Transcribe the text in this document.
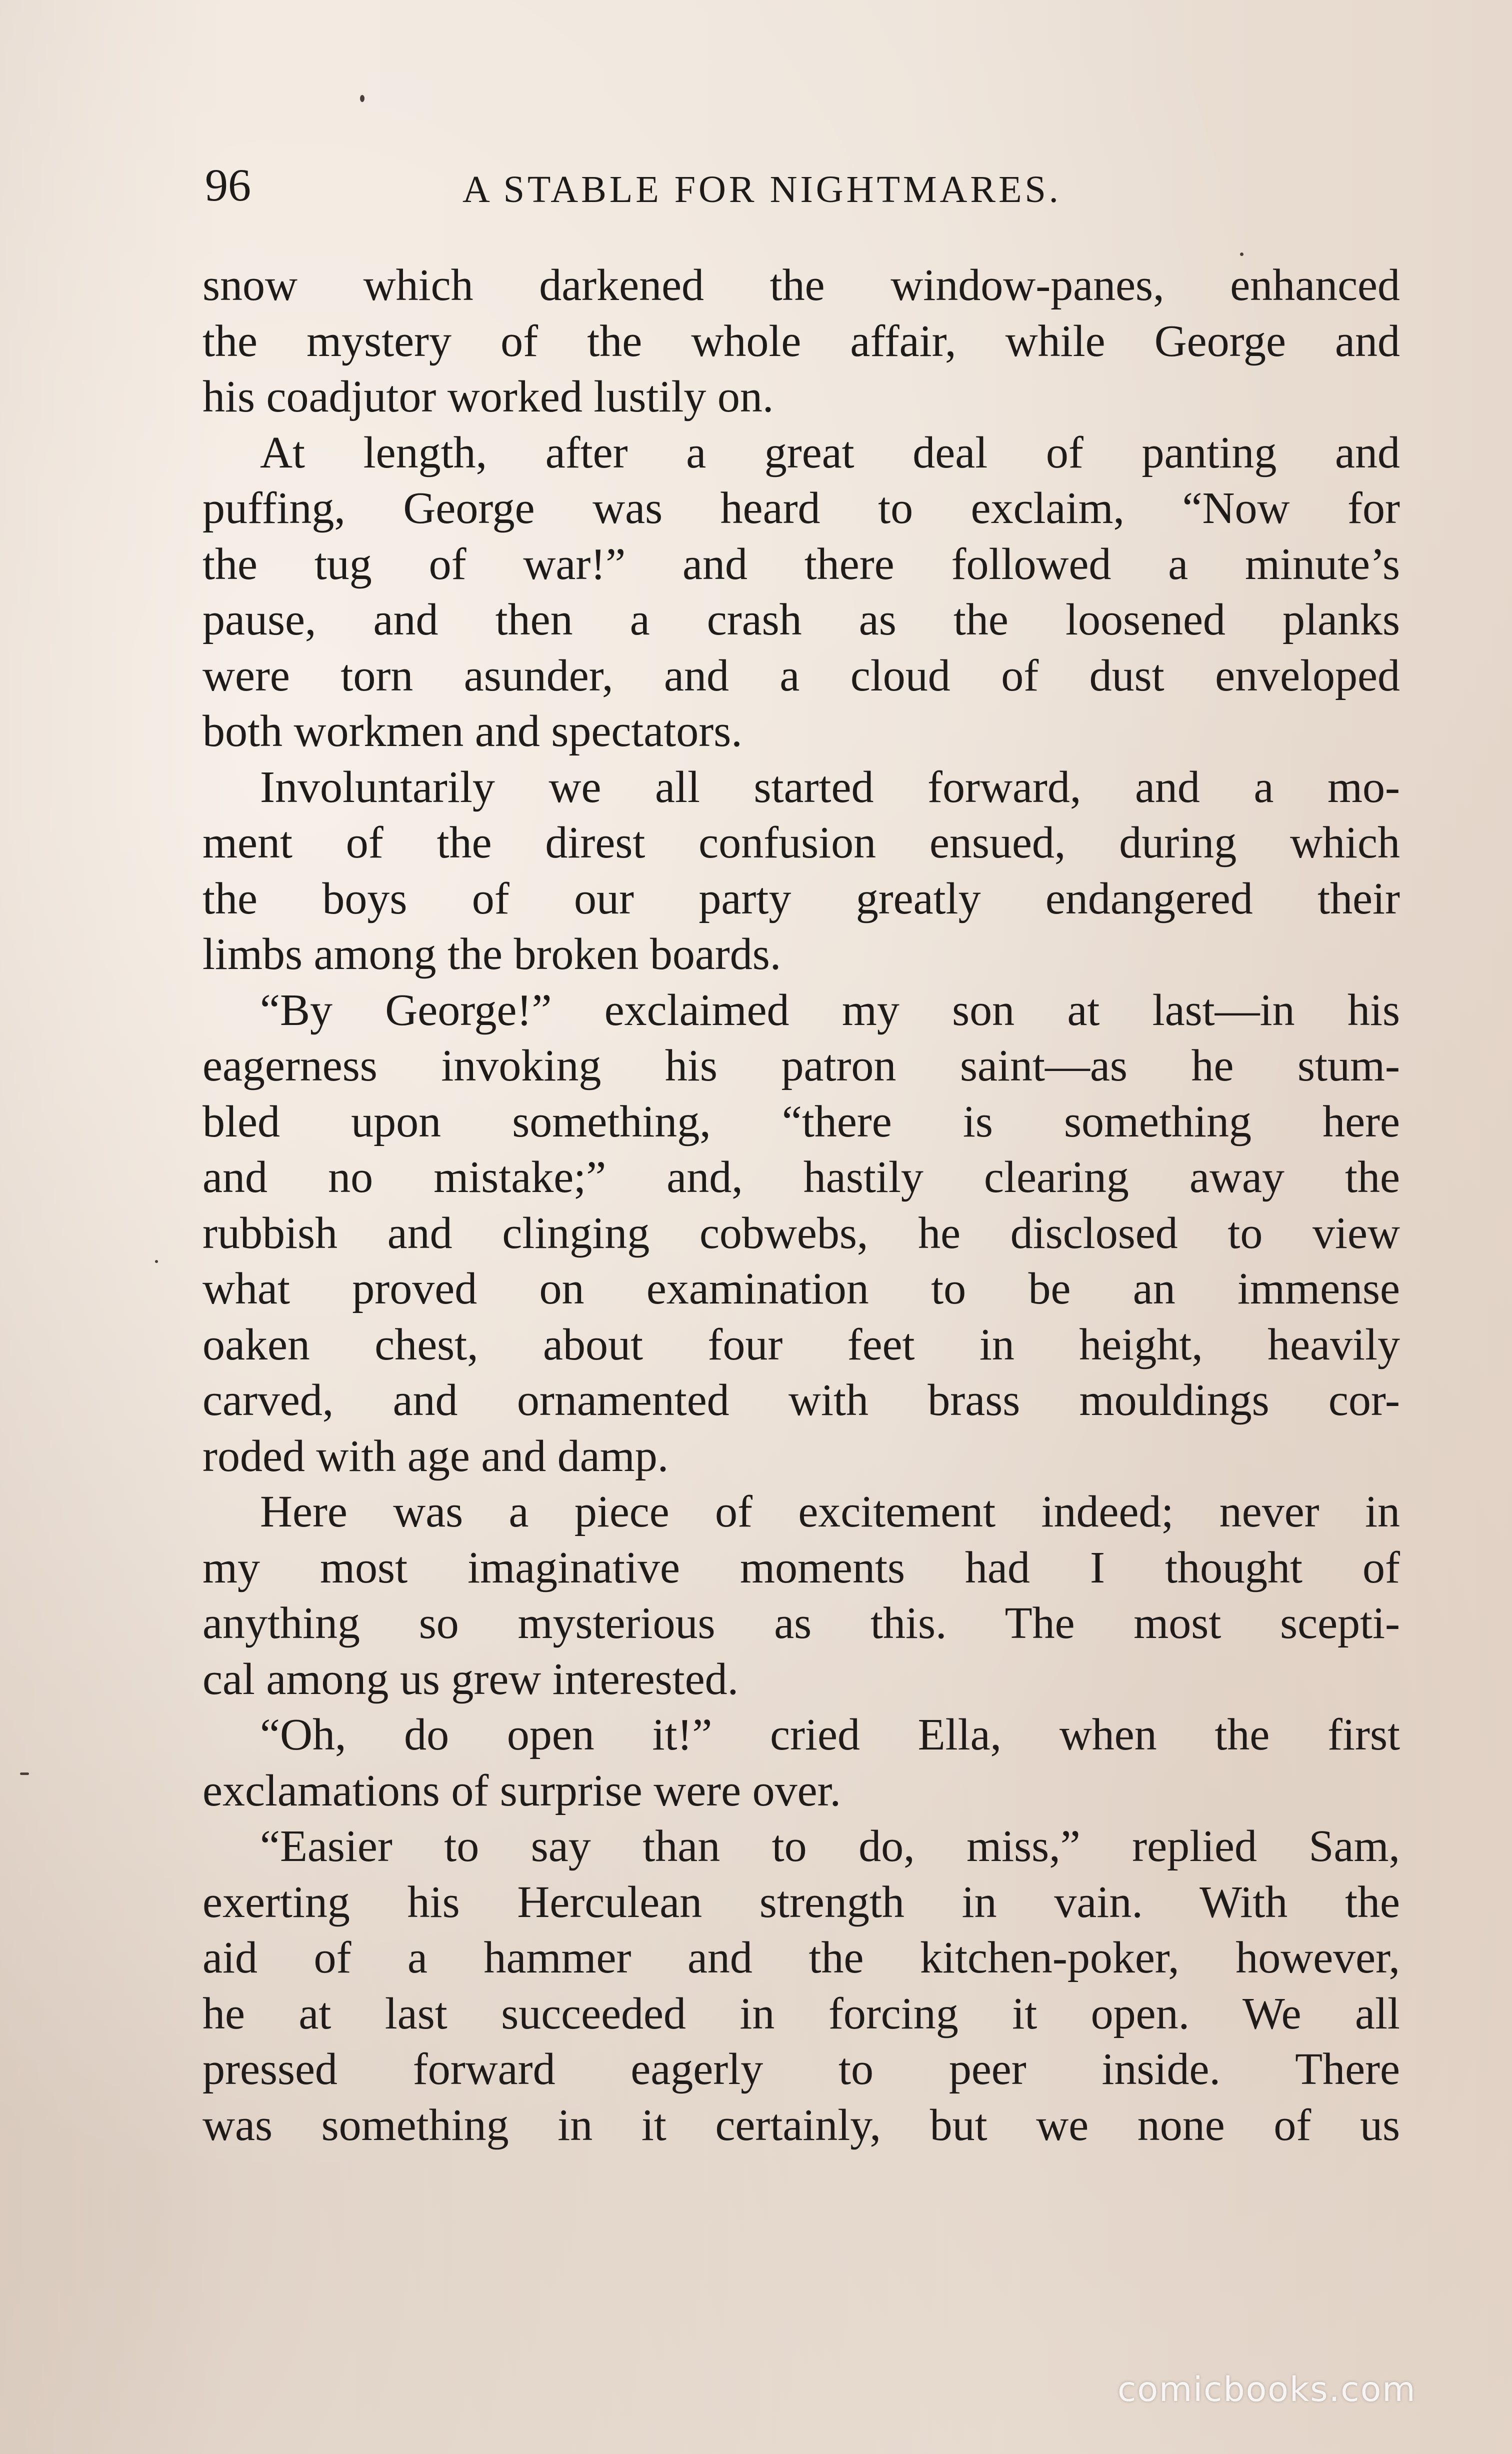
96	A STABLE FOR NIGHTMARES.
snow which darkened the window-panes, enhanced
the mystery of the whole affair, while George and
his coadjutor worked lustily on.
At length, after a great deal of panting and
puffing, George was heard to exclaim, “Now for
the tug of war!” and there followed a minute’s
pause, and then a crash as the loosened planks
were torn asunder, and a cloud of dust enveloped
both workmen and spectators.
Involuntarily we all started forward, and a mo-
ment of the direst confusion ensued, during which
the boys of our party greatly endangered their
limbs among the broken boards.
“By George!” exclaimed my son at last—in his
eagerness invoking his patron saint—as he stum-
bled upon something, “there is something here
and no mistake;” and, hastily clearing away the
rubbish and clinging cobwebs, he disclosed to view
what proved on examination to be an immense
oaken chest, about four feet in height, heavily
carved, and ornamented with brass mouldings cor-
roded with age and damp.
Here was a piece of excitement indeed; never in
my most imaginative moments had I thought of
anything so mysterious as this. The most scepti-
cal among us grew interested.
“Oh, do open it!” cried Ella, when the first
exclamations of surprise were over.
“Easier to say than to do, miss,” replied Sam,
exerting his Herculean strength in vain. With the
aid of a hammer and the kitchen-poker, however,
he at last succeeded in forcing it open. We all
pressed forward eagerly to peer inside. There
was something in it certainly, but we none of us
comicbooks.com
